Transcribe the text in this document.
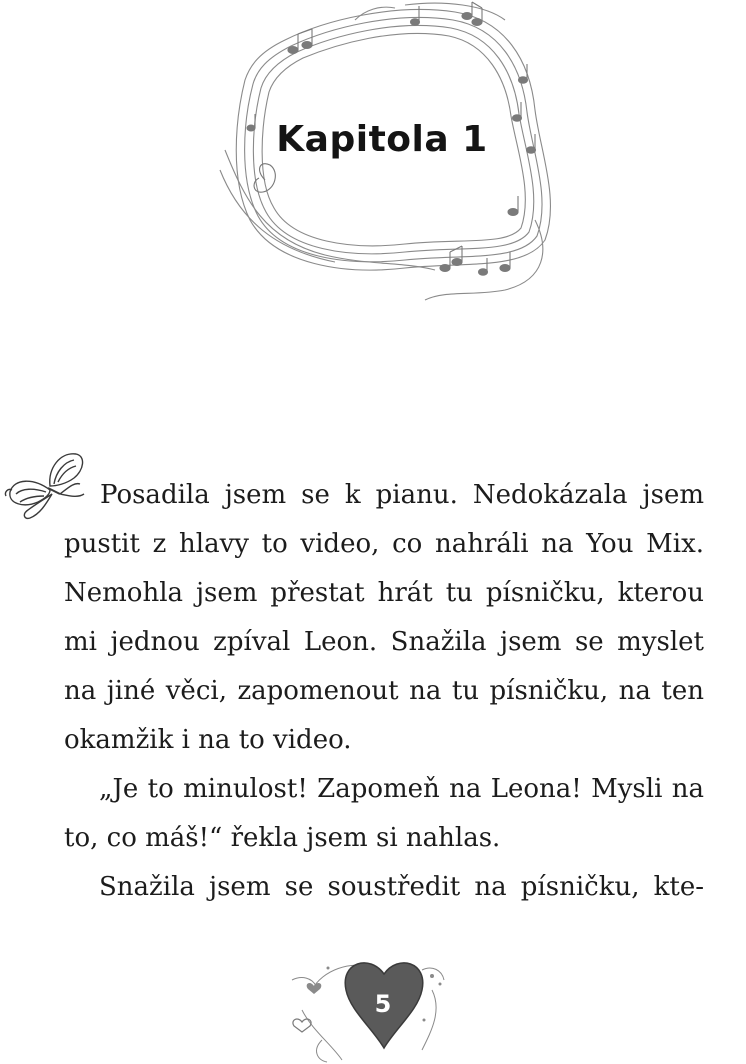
Kapitola 1

Posadila jsem se k pianu. Nedokázala jsem pustit z hlavy to video, co nahráli na You Mix. Nemohla jsem přestat hrát tu písničku, kterou mi jednou zpíval Leon. Snažila jsem se myslet na jiné věci, zapomenout na tu písničku, na ten okamžik i na to video.

„Je to minulost! Zapomeň na Leona! Mysli na to, co máš!“ řekla jsem si nahlas.

Snažila jsem se soustředit na písničku, kte-

5
